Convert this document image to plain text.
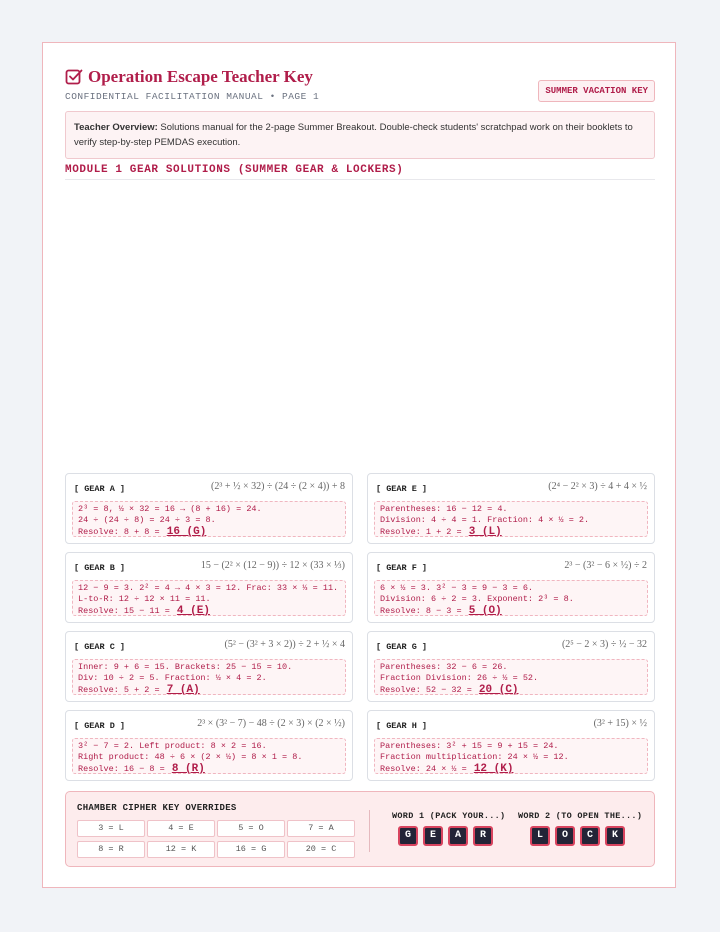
Operation Escape Teacher Key
CONFIDENTIAL FACILITATION MANUAL • PAGE 1	SUMMER VACATION KEY
Teacher Overview: Solutions manual for the 2-page Summer Breakout. Double-check students' scratchpad work on their booklets to verify step-by-step PEMDAS execution.
MODULE 1 GEAR SOLUTIONS (SUMMER GEAR & LOCKERS)
[ GEAR A ]	(2³ + ½ × 32) ÷ (24 ÷ (2 × 4)) + 8
2³ = 8, ½ × 32 = 16 → (8 + 16) = 24.
24 ÷ (24 ÷ 8) = 24 ÷ 3 = 8.
Resolve: 8 + 8 = 16 (G)
[ GEAR B ]	15 − (2² × (12 − 9)) ÷ 12 × (33 × ⅓)
12 − 9 = 3. 2² = 4 → 4 × 3 = 12. Frac: 33 × ⅓ = 11.
L-to-R: 12 ÷ 12 × 11 = 11.
Resolve: 15 − 11 = 4 (E)
[ GEAR C ]	(5² − (3² + 3 × 2)) ÷ 2 + ½ × 4
Inner: 9 + 6 = 15. Brackets: 25 − 15 = 10.
Div: 10 ÷ 2 = 5. Fraction: ½ × 4 = 2.
Resolve: 5 + 2 = 7 (A)
[ GEAR D ]	2³ × (3² − 7) − 48 ÷ (2 × 3) × (2 × ½)
3² − 7 = 2. Left product: 8 × 2 = 16.
Right product: 48 ÷ 6 × (2 × ½) = 8 × 1 = 8.
Resolve: 16 − 8 = 8 (R)
[ GEAR E ]	(2⁴ − 2² × 3) ÷ 4 + 4 × ½
Parentheses: 16 − 12 = 4.
Division: 4 ÷ 4 = 1. Fraction: 4 × ½ = 2.
Resolve: 1 + 2 = 3 (L)
[ GEAR F ]	2³ − (3² − 6 × ½) ÷ 2
6 × ½ = 3. 3² − 3 = 9 − 3 = 6.
Division: 6 ÷ 2 = 3. Exponent: 2³ = 8.
Resolve: 8 − 3 = 5 (O)
[ GEAR G ]	(2⁵ − 2 × 3) ÷ ½ − 32
Parentheses: 32 − 6 = 26.
Fraction Division: 26 ÷ ½ = 52.
Resolve: 52 − 32 = 20 (C)
[ GEAR H ]	(3² + 15) × ½
Parentheses: 3² + 15 = 9 + 15 = 24.
Fraction multiplication: 24 × ½ = 12.
Resolve: 24 × ½ = 12 (K)
CHAMBER CIPHER KEY OVERRIDES
3 = L	4 = E	5 = O	7 = A
8 = R	12 = K	16 = G	20 = C
WORD 1 (PACK YOUR...)
G	E	A	R
WORD 2 (TO OPEN THE...)
L	O	C	K
